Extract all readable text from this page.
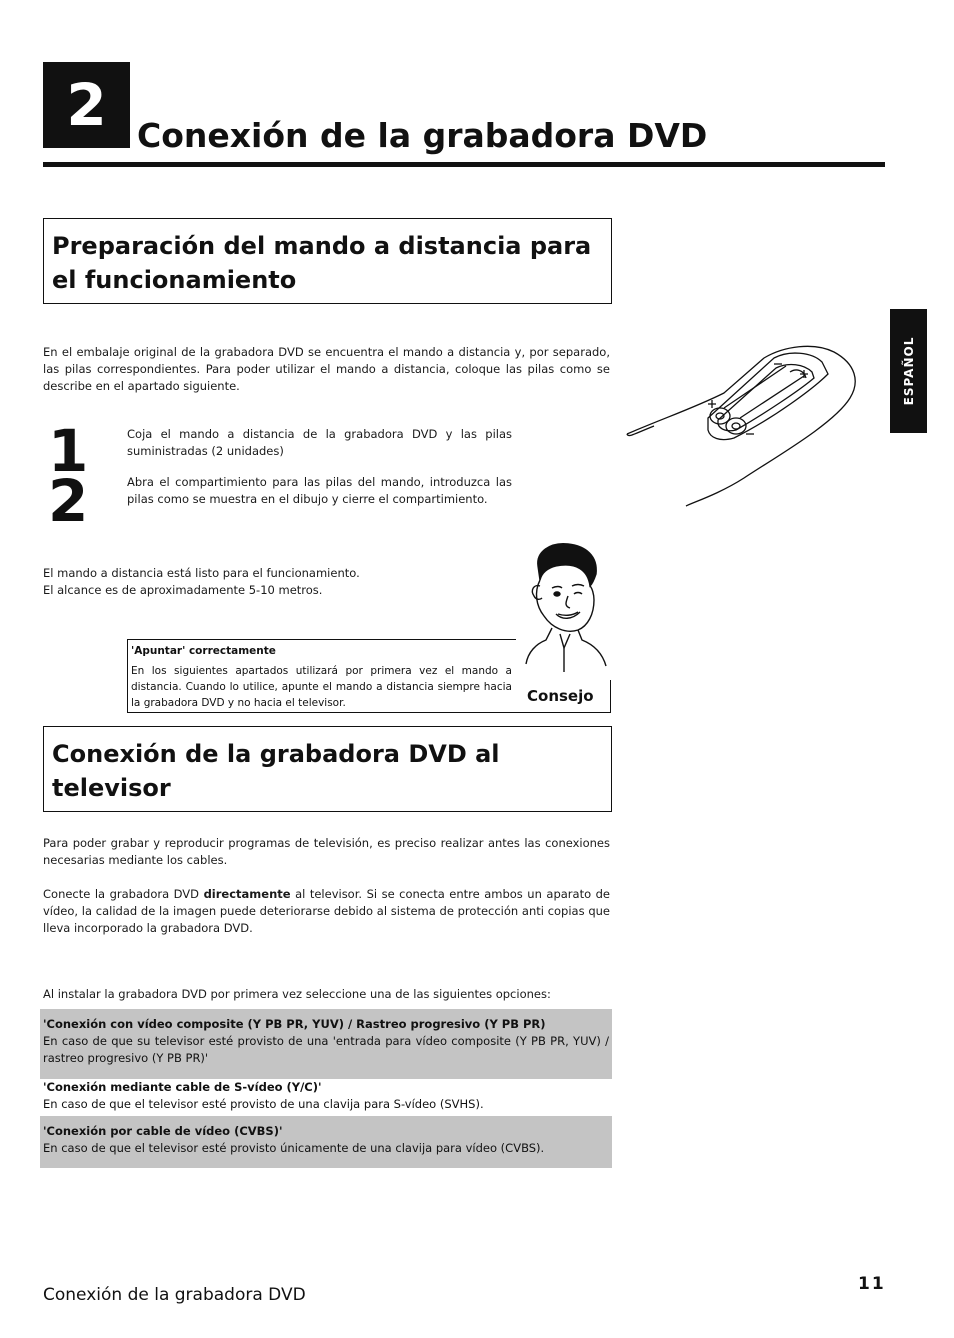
2 Conexión de la grabadora DVD
ESPAÑOL
Preparación del mando a distancia para el funcionamiento
En el embalaje original de la grabadora DVD se encuentra el mando a distancia y, por separado, las pilas correspondientes. Para poder utilizar el mando a distancia, coloque las pilas como se describe en el apartado siguiente.
1	Coja el mando a distancia de la grabadora DVD y las pilas suministradas (2 unidades)
2	Abra el compartimiento para las pilas del mando, introduzca las pilas como se muestra en el dibujo y cierre el compartimiento.
El mando a distancia está listo para el funcionamiento.
El alcance es de aproximadamente 5-10 metros.
'Apuntar' correctamente
En los siguientes apartados utilizará por primera vez el mando a distancia. Cuando lo utilice, apunte el mando a distancia siempre hacia la grabadora DVD y no hacia el televisor.	Consejo
Conexión de la grabadora DVD al
televisor
Para poder grabar y reproducir programas de televisión, es preciso realizar antes las conexiones necesarias mediante los cables.
Conecte la grabadora DVD directamente al televisor. Si se conecta entre ambos un aparato de vídeo, la calidad de la imagen puede deteriorarse debido al sistema de protección anti copias que lleva incorporado la grabadora DVD.
Al instalar la grabadora DVD por primera vez seleccione una de las siguientes opciones:
'Conexión con vídeo composite (Y PB PR, YUV) / Rastreo progresivo (Y PB PR)
En caso de que su televisor esté provisto de una 'entrada para vídeo composite (Y PB PR, YUV) / rastreo progresivo (Y PB PR)'
'Conexión mediante cable de S-vídeo (Y/C)'
En caso de que el televisor esté provisto de una clavija para S-vídeo (SVHS).
'Conexión por cable de vídeo (CVBS)'
En caso de que el televisor esté provisto únicamente de una clavija para vídeo (CVBS).
Conexión de la grabadora DVD
11
